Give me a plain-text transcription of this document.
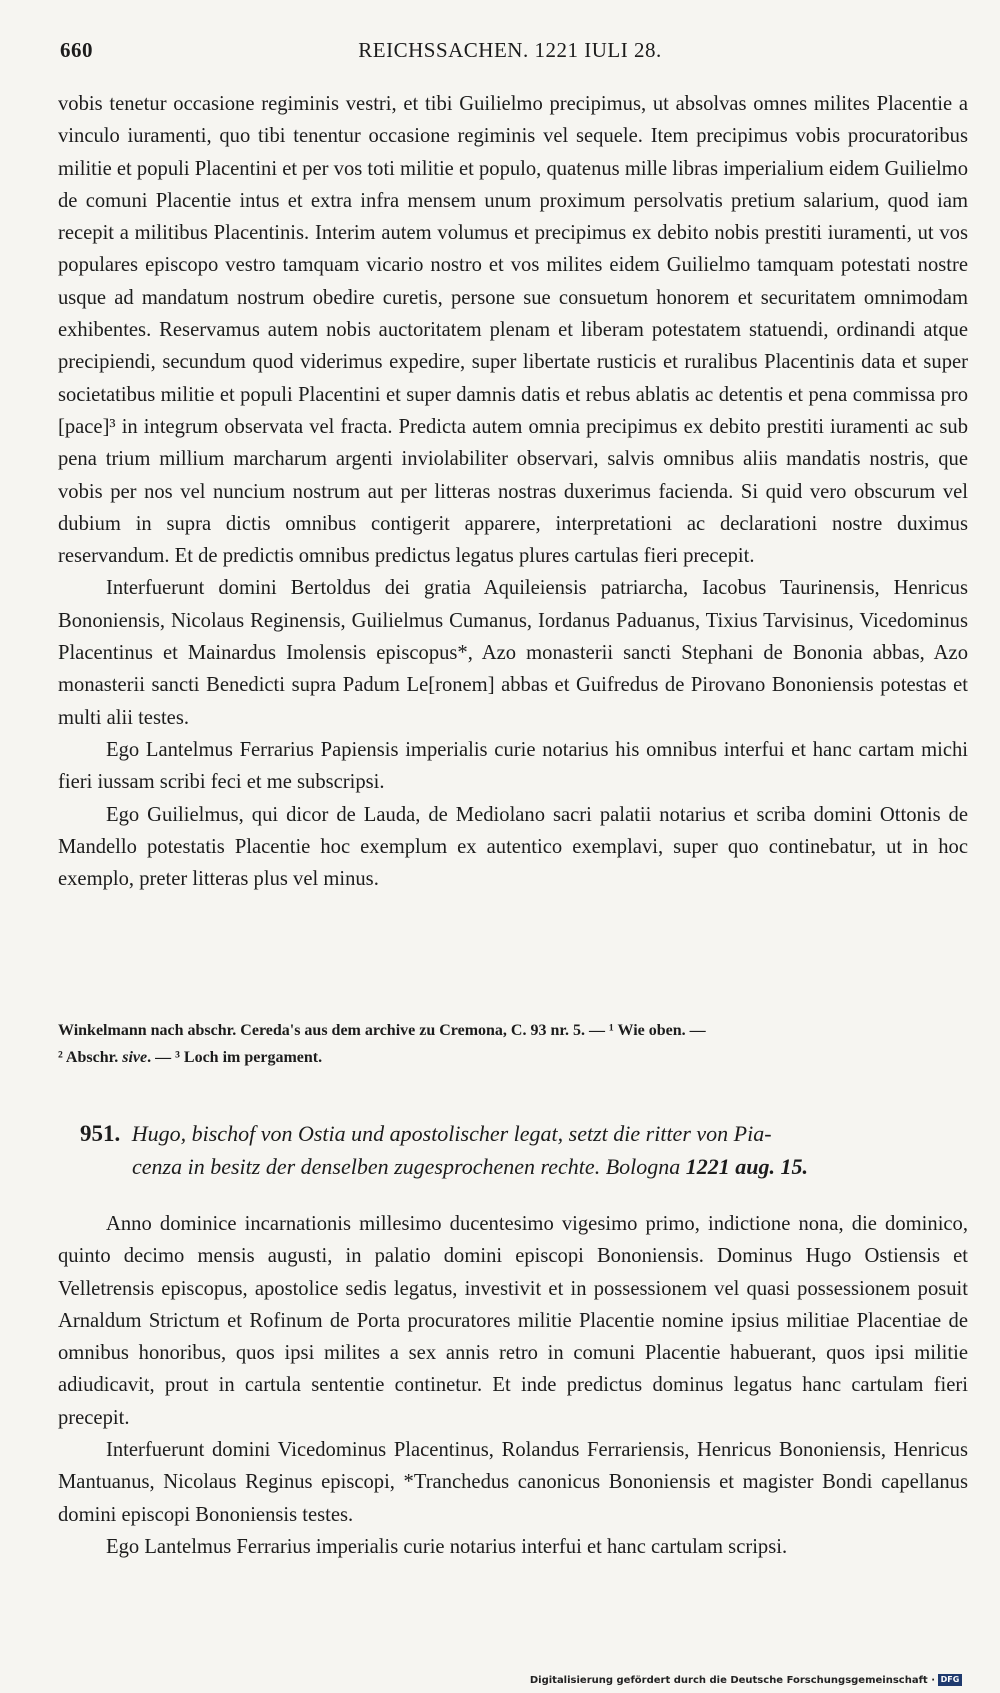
660	REICHSSACHEN. 1221 IULI 28.

vobis tenetur occasione regiminis vestri, et tibi Guilielmo precipimus, ut absolvas omnes milites Placentie a vinculo iuramenti, quo tibi tenentur occasione regiminis vel sequele. Item precipimus vobis procuratoribus militie et populi Placentini et per vos toti militie et populo, quatenus mille libras imperialium eidem Guilielmo de comuni Placentie intus et extra infra mensem unum proximum persolvatis pretium salarium, quod iam recepit a militibus Placentinis. Interim autem volumus et precipimus ex debito nobis prestiti iuramenti, ut vos populares episcopo vestro tamquam vicario nostro et vos milites eidem Guilielmo tamquam potestati nostre usque ad mandatum nostrum obedire curetis, persone sue consuetum honorem et securitatem omnimodam exhibentes. Reservamus autem nobis auctoritatem plenam et liberam potestatem statuendi, ordinandi atque precipiendi, secundum quod viderimus expedire, super libertate rusticis et ruralibus Placentinis data et super societatibus militie et populi Placentini et super damnis datis et rebus ablatis ac detentis et pena commissa pro [pace]³ in integrum observata vel fracta. Predicta autem omnia precipimus ex debito prestiti iuramenti ac sub pena trium millium marcharum argenti inviolabiliter observari, salvis omnibus aliis mandatis nostris, que vobis per nos vel nuncium nostrum aut per litteras nostras duxerimus facienda. Si quid vero obscurum vel dubium in supra dictis omnibus contigerit apparere, interpretationi ac declarationi nostre duximus reservandum. Et de predictis omnibus predictus legatus plures cartulas fieri precepit.

Interfuerunt domini Bertoldus dei gratia Aquileiensis patriarcha, Iacobus Taurinensis, Henricus Bononiensis, Nicolaus Reginensis, Guilielmus Cumanus, Iordanus Paduanus, Tixius Tarvisinus, Vicedominus Placentinus et Mainardus Imolensis episcopus*, Azo monasterii sancti Stephani de Bononia abbas, Azo monasterii sancti Benedicti supra Padum Le[ronem] abbas et Guifredus de Pirovano Bononiensis potestas et multi alii testes.

Ego Lantelmus Ferrarius Papiensis imperialis curie notarius his omnibus interfui et hanc cartam michi fieri iussam scribi feci et me subscripsi.

Ego Guilielmus, qui dicor de Lauda, de Mediolano sacri palatii notarius et scriba domini Ottonis de Mandello potestatis Placentie hoc exemplum ex autentico exemplavi, super quo continebatur, ut in hoc exemplo, preter litteras plus vel minus.

Winkelmann nach abschr. Cereda's aus dem archive zu Cremona, C. 93 nr. 5. — ¹ Wie oben. —
² Abschr. sive. — ³ Loch im pergament.
951. Hugo, bischof von Ostia und apostolischer legat, setzt die ritter von Pia-
cenza in besitz der denselben zugesprochenen rechte. Bologna 1221 aug. 15.

Anno dominice incarnationis millesimo ducentesimo vigesimo primo, indictione nona, die dominico, quinto decimo mensis augusti, in palatio domini episcopi Bononiensis. Dominus Hugo Ostiensis et Velletrensis episcopus, apostolice sedis legatus, investivit et in possessionem vel quasi possessionem posuit Arnaldum Strictum et Rofinum de Porta procuratores militie Placentie nomine ipsius militiae Placentiae de omnibus honoribus, quos ipsi milites a sex annis retro in comuni Placentie habuerant, quos ipsi militie adiudicavit, prout in cartula sententie continetur. Et inde predictus dominus legatus hanc cartulam fieri precepit.

Interfuerunt domini Vicedominus Placentinus, Rolandus Ferrariensis, Henricus Bononiensis, Henricus Mantuanus, Nicolaus Reginus episcopi, *Tranchedus canonicus Bononiensis et magister Bondi capellanus domini episcopi Bononiensis testes.

Ego Lantelmus Ferrarius imperialis curie notarius interfui et hanc cartulam scripsi.

Digitalisierung gefördert durch die Deutsche Forschungsgemeinschaft · DFG
